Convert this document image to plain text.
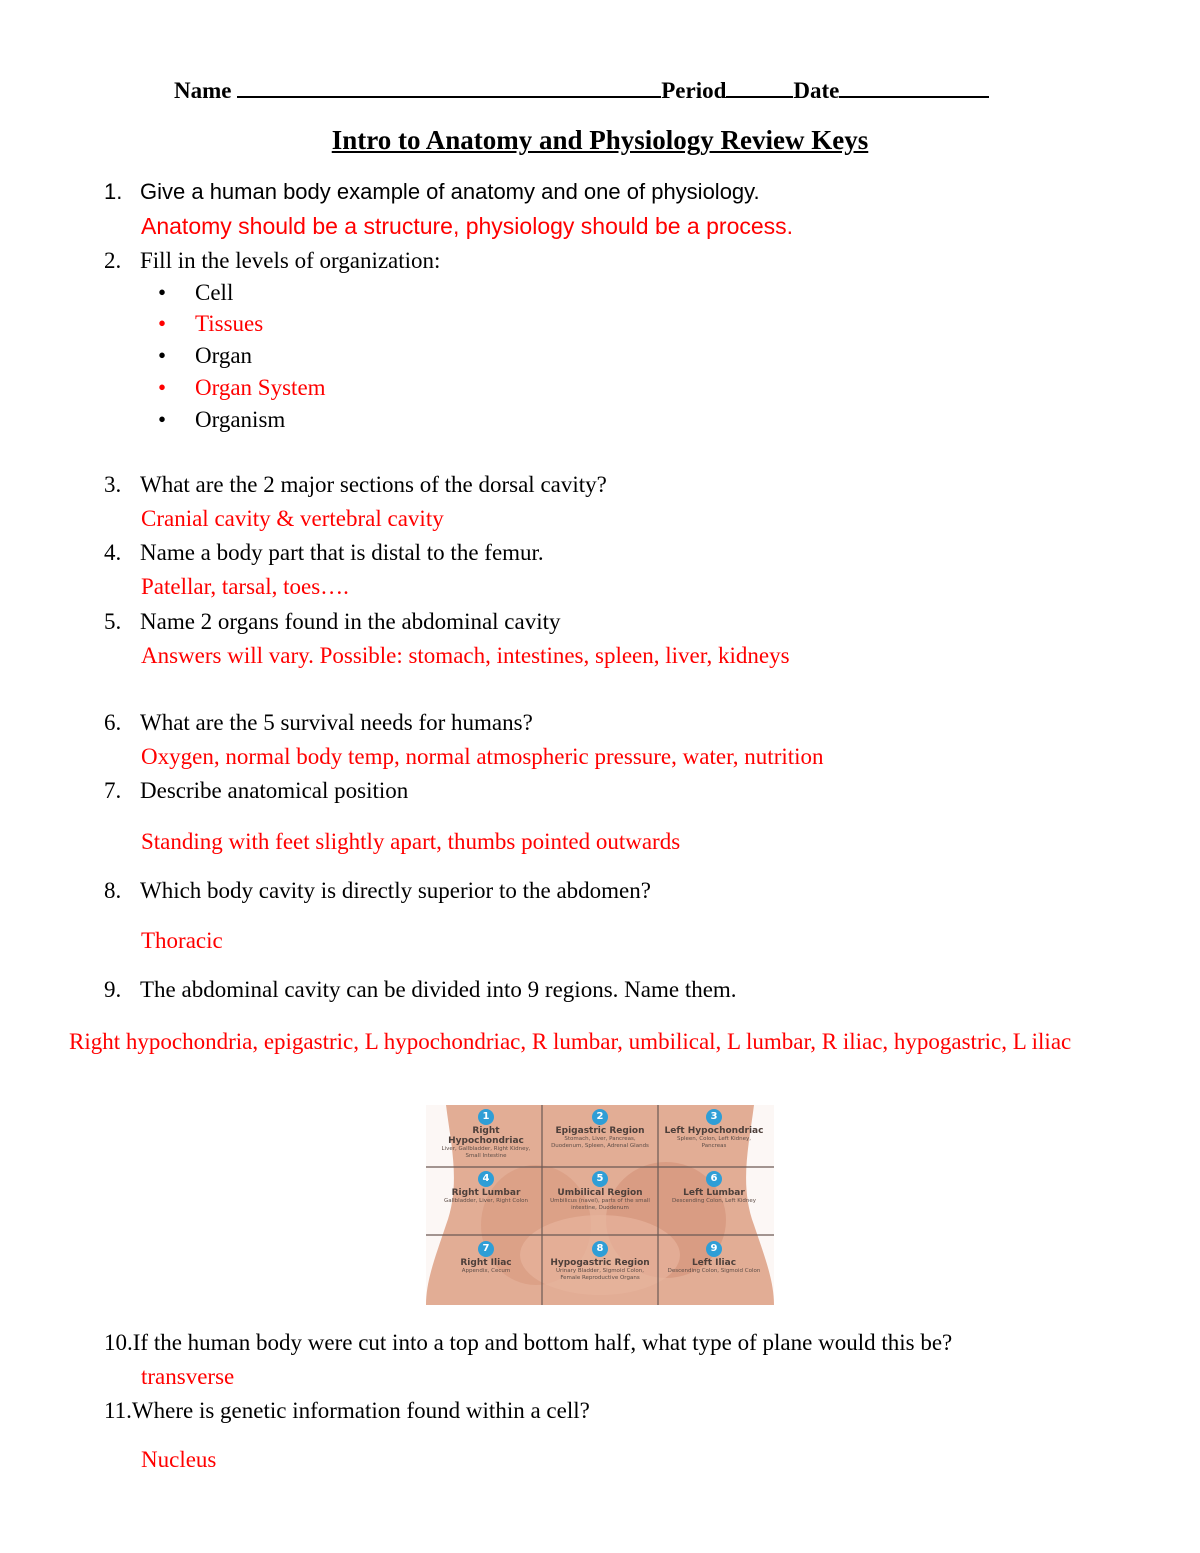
Name	Period	Date
Intro to Anatomy and Physiology Review Keys
1. Give a human body example of anatomy and one of physiology.
Anatomy should be a structure, physiology should be a process.
2. Fill in the levels of organization:
• Cell
• Tissues
• Organ
• Organ System
• Organism
3. What are the 2 major sections of the dorsal cavity?
Cranial cavity & vertebral cavity
4. Name a body part that is distal to the femur.
Patellar, tarsal, toes….
5. Name 2 organs found in the abdominal cavity
Answers will vary. Possible: stomach, intestines, spleen, liver, kidneys
6. What are the 5 survival needs for humans?
Oxygen, normal body temp, normal atmospheric pressure, water, nutrition
7. Describe anatomical position
Standing with feet slightly apart, thumbs pointed outwards
8. Which body cavity is directly superior to the abdomen?
Thoracic
9. The abdominal cavity can be divided into 9 regions. Name them.
Right hypochondria, epigastric, L hypochondriac, R lumbar, umbilical, L lumbar, R iliac, hypogastric, L iliac
1
Right Hypochondriac
Liver, Gallbladder, Right Kidney, Small Intestine
2
Epigastric Region
Stomach, Liver, Pancreas, Duodenum, Spleen, Adrenal Glands
3
Left Hypochondriac
Spleen, Colon, Left Kidney, Pancreas
4
Right Lumbar
Gallbladder, Liver, Right Colon
5
Umbilical Region
Umbilicus (navel), parts of the small intestine, Duodenum
6
Left Lumbar
Descending Colon, Left Kidney
7
Right Iliac
Appendix, Cecum
8
Hypogastric Region
Urinary Bladder, Sigmoid Colon, Female Reproductive Organs
9
Left Iliac
Descending Colon, Sigmoid Colon
10.If the human body were cut into a top and bottom half, what type of plane would this be?
transverse
11.Where is genetic information found within a cell?
Nucleus
